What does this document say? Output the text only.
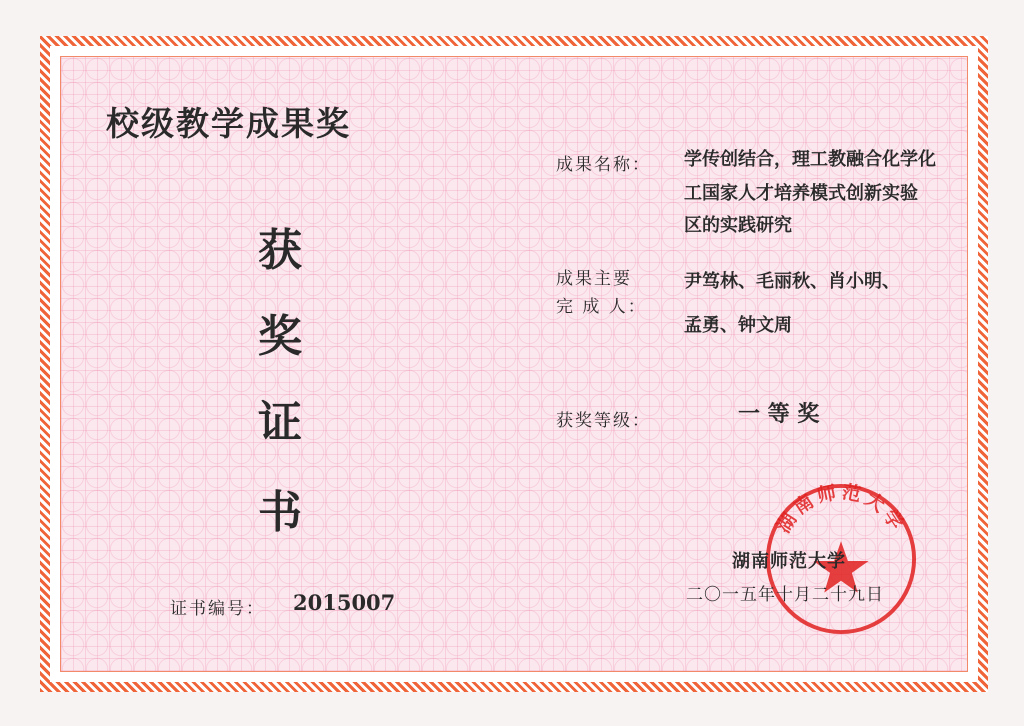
校级教学成果奖
获
奖
证
书
证书编号： 2015007
成果名称： 学传创结合，理工教融合化学化
工国家人才培养模式创新实验
区的实践研究
成果主要
完 成 人：
尹笃林、毛丽秋、肖小明、
孟勇、钟文周
获奖等级：	一 等 奖
湖南师范大学
湖南师范大学
二〇一五年十月二十九日
